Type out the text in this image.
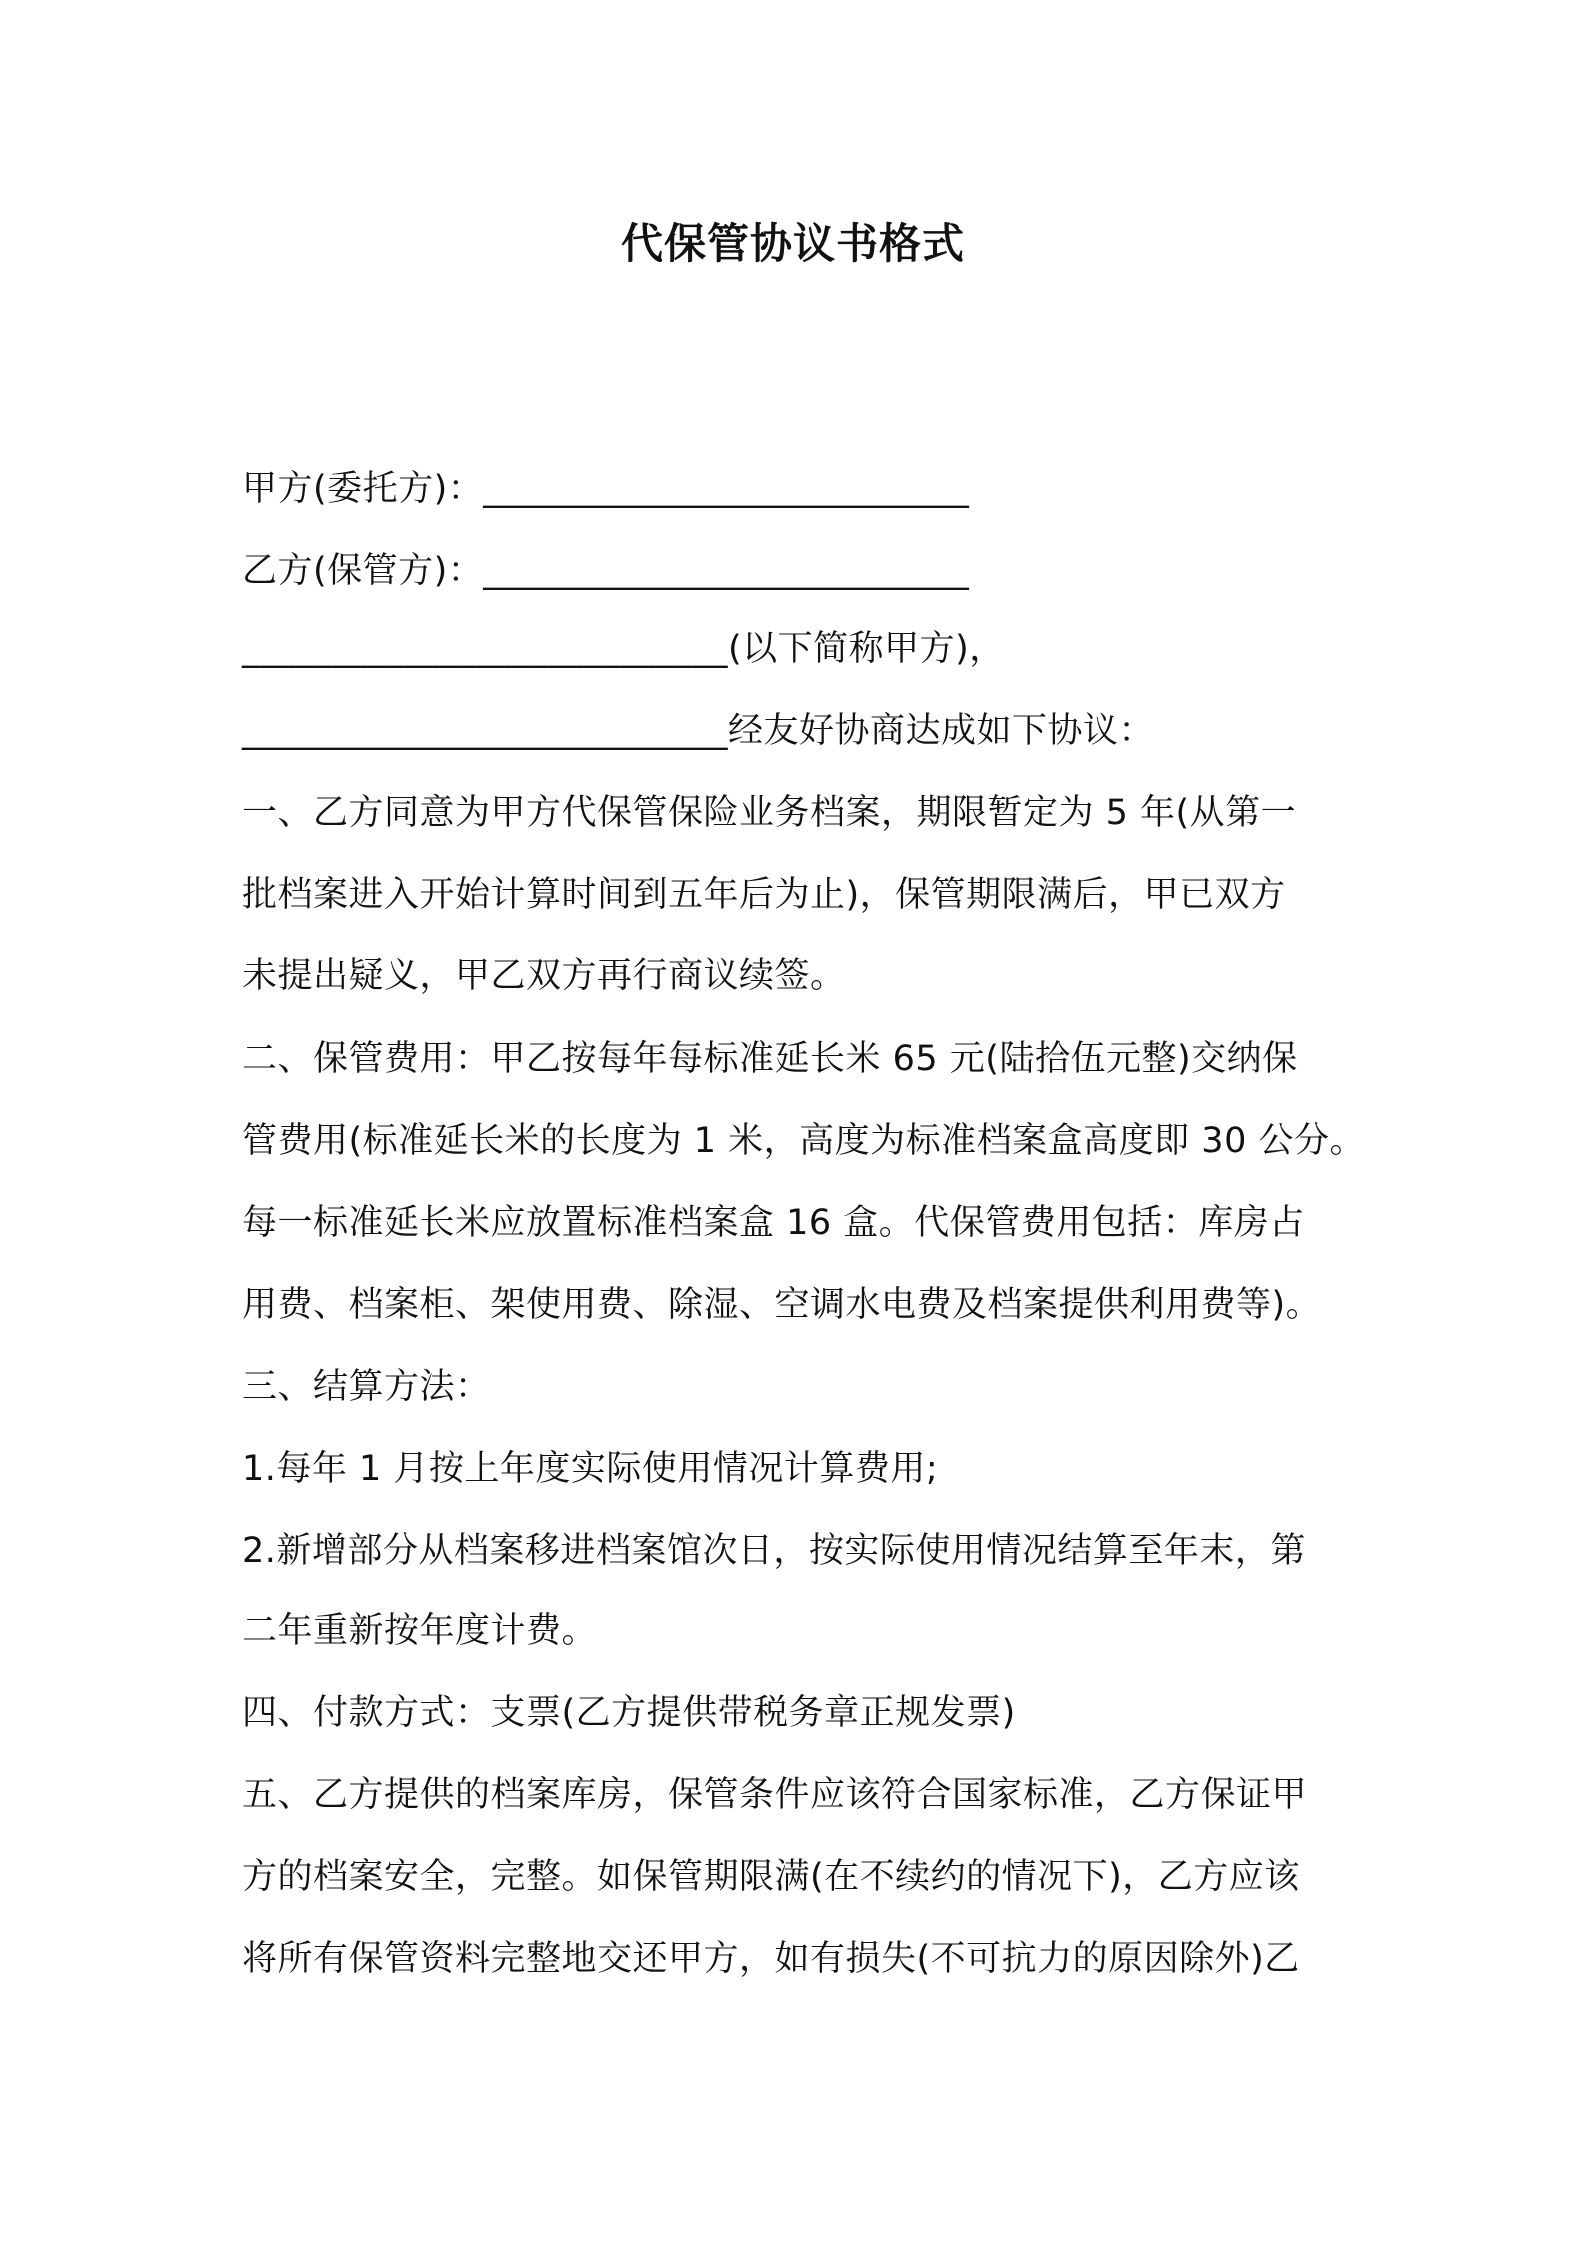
代保管协议书格式
甲方(委托方)：___________________________
乙方(保管方)：___________________________
___________________________(以下简称甲方)，
___________________________经友好协商达成如下协议：
一、乙方同意为甲方代保管保险业务档案，期限暂定为 5 年(从第一
批档案进入开始计算时间到五年后为止)，保管期限满后，甲已双方
未提出疑义，甲乙双方再行商议续签。
二、保管费用：甲乙按每年每标准延长米 65 元(陆拾伍元整)交纳保
管费用(标准延长米的长度为 1 米，高度为标准档案盒高度即 30 公分。
每一标准延长米应放置标准档案盒 16 盒。代保管费用包括：库房占
用费、档案柜、架使用费、除湿、空调水电费及档案提供利用费等)。
三、结算方法：
1.每年 1 月按上年度实际使用情况计算费用;
2.新增部分从档案移进档案馆次日，按实际使用情况结算至年末，第
二年重新按年度计费。
四、付款方式：支票(乙方提供带税务章正规发票)
五、乙方提供的档案库房，保管条件应该符合国家标准，乙方保证甲
方的档案安全，完整。如保管期限满(在不续约的情况下)，乙方应该
将所有保管资料完整地交还甲方，如有损失(不可抗力的原因除外)乙
